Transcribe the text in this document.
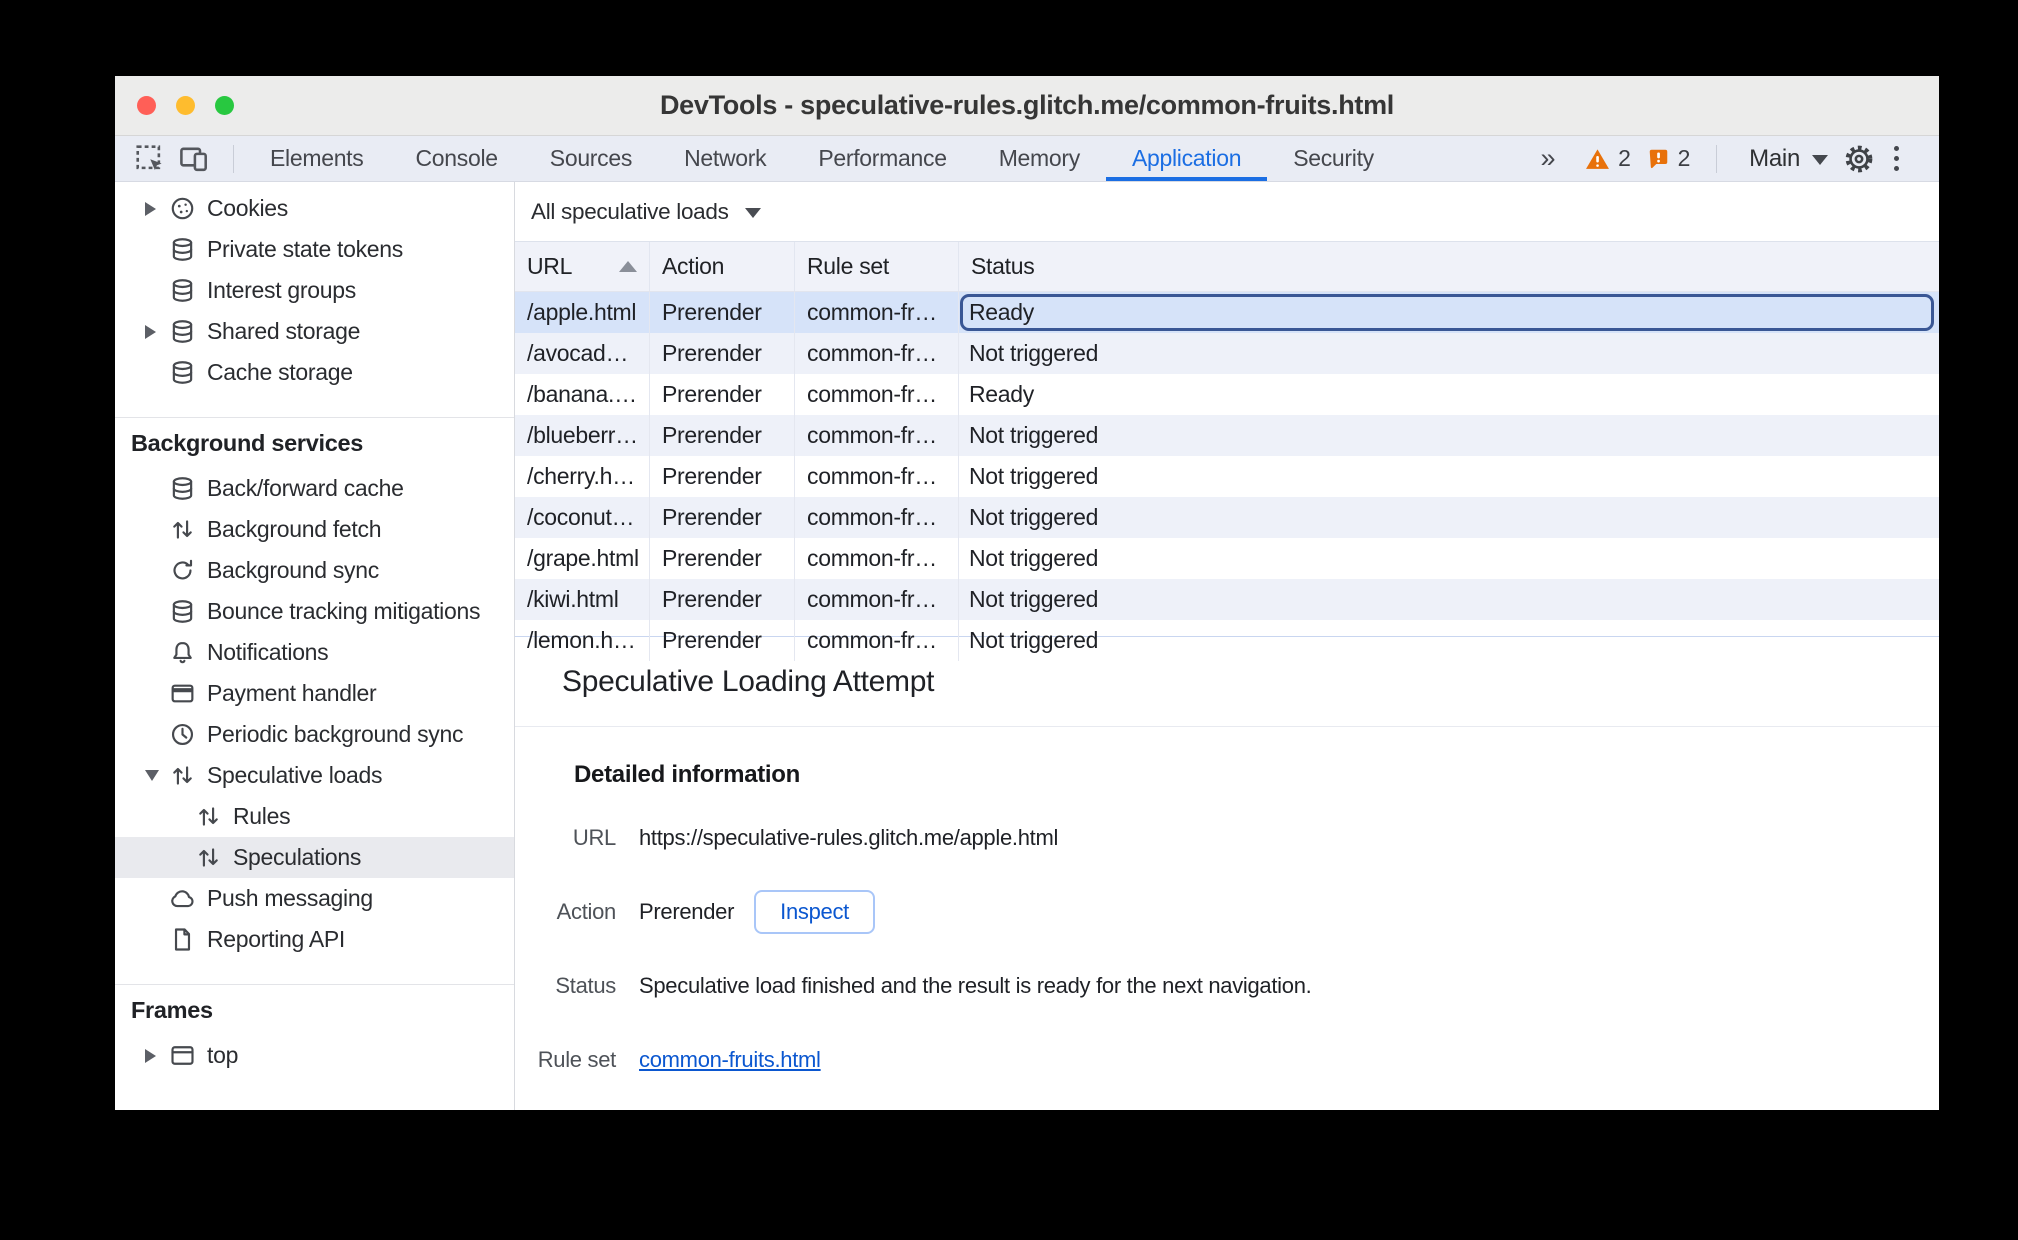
DevTools - speculative-rules.glitch.me/common-fruits.html
Elements	Console	Sources	Network	Performance	Memory	Application	Security	»	2 2 Main
Cookies
Private state tokens
Interest groups
Shared storage
Cache storage
Background services
Back/forward cache
Background fetch
Background sync
Bounce tracking mitigations
Notifications
Payment handler
Periodic background sync
Speculative loads
Rules
Speculations
Push messaging
Reporting API
Frames
top
All speculative loads
URL	Action	Rule set	Status
/apple.html Prerender common-fr… Ready
/avocad… Prerender common-fr… Not triggered
/banana.… Prerender common-fr… Ready
/blueberr… Prerender common-fr… Not triggered
/cherry.h… Prerender common-fr… Not triggered
/coconut… Prerender common-fr… Not triggered
/grape.html Prerender common-fr… Not triggered
/kiwi.html Prerender common-fr… Not triggered
/lemon.h… Prerender common-fr… Not triggered
Speculative Loading Attempt
Detailed information
URL https://speculative-rules.glitch.me/apple.html
Action Prerender	Inspect
Status Speculative load finished and the result is ready for the next navigation.
Rule set common-fruits.html
